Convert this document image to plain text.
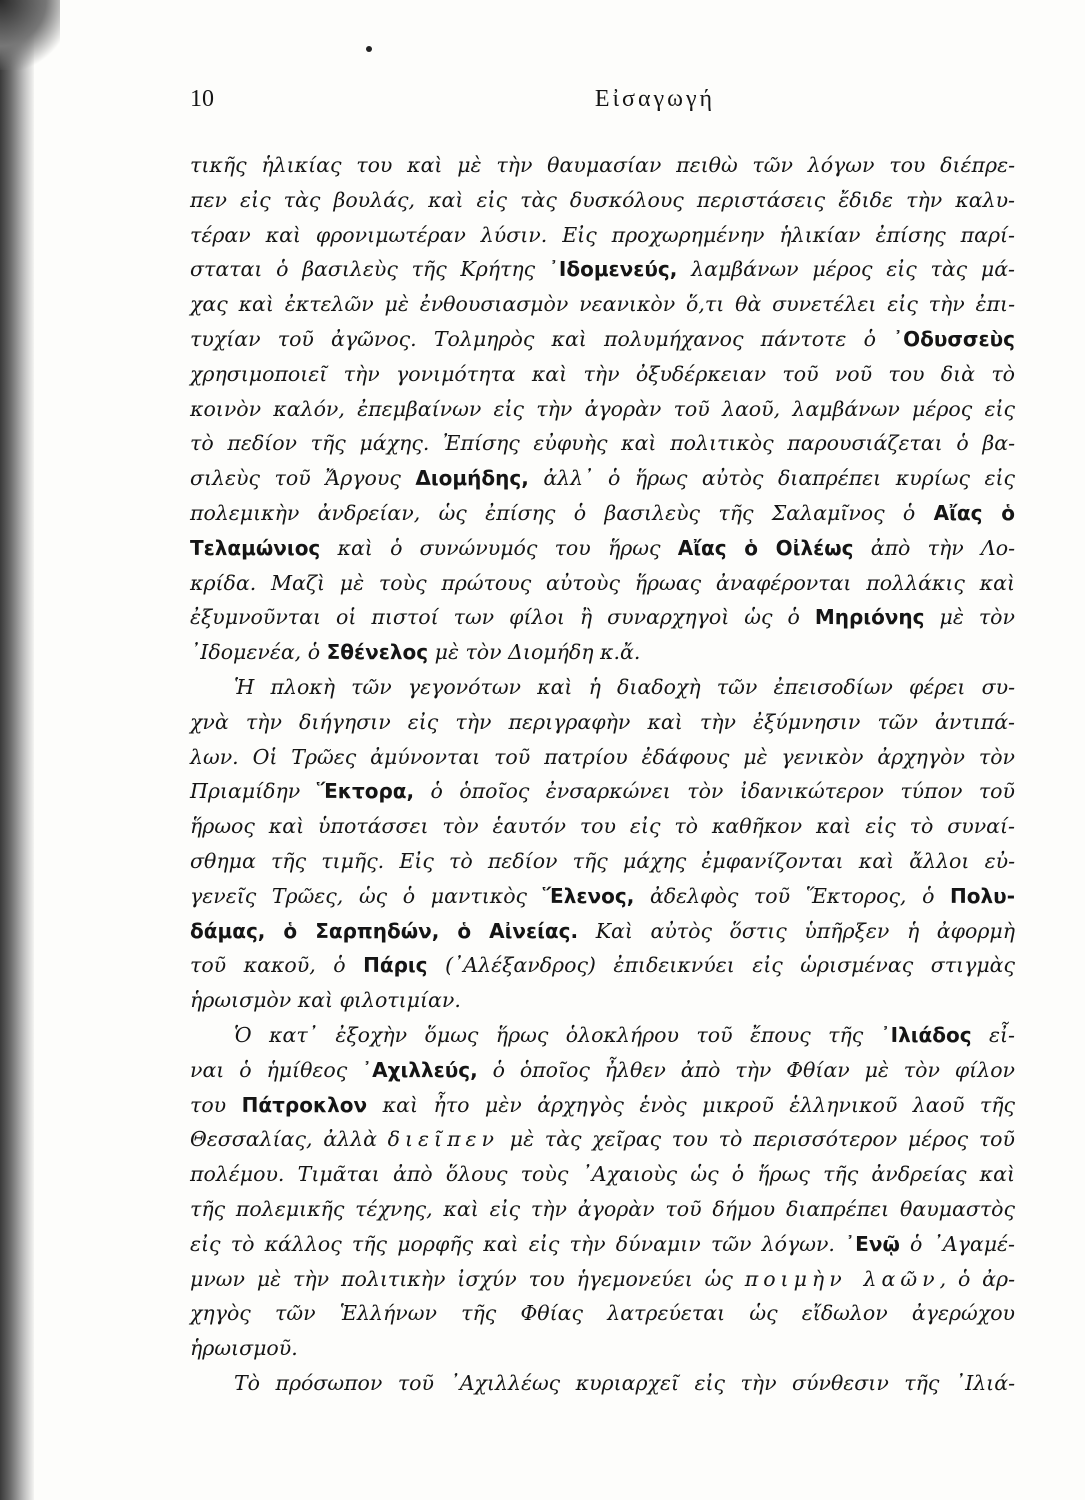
10	Εἰσαγωγή
τικῆς ἡλικίας του καὶ μὲ τὴν θαυμασίαν πειθὼ τῶν λόγων του διέπρε-
πεν εἰς τὰς βουλάς, καὶ εἰς τὰς δυσκόλους περιστάσεις ἔδιδε τὴν καλυ-
τέραν καὶ φρονιμωτέραν λύσιν. Εἰς προχωρημένην ἡλικίαν ἐπίσης παρί-
σταται ὁ βασιλεὺς τῆς Κρήτης ᾿Ιδομενεύς, λαμβάνων μέρος εἰς τὰς μά-
χας καὶ ἐκτελῶν μὲ ἐνθουσιασμὸν νεανικὸν ὅ,τι θὰ συνετέλει εἰς τὴν ἐπι-
τυχίαν τοῦ ἀγῶνος. Τολμηρὸς καὶ πολυμήχανος πάντοτε ὁ ᾿Οδυσσεὺς
χρησιμοποιεῖ τὴν γονιμότητα καὶ τὴν ὀξυδέρκειαν τοῦ νοῦ του διὰ τὸ
κοινὸν καλόν, ἐπεμβαίνων εἰς τὴν ἀγορὰν τοῦ λαοῦ, λαμβάνων μέρος εἰς
τὸ πεδίον τῆς μάχης. Ἐπίσης εὐφυὴς καὶ πολιτικὸς παρουσιάζεται ὁ βα-
σιλεὺς τοῦ Ἄργους Διομήδης, ἀλλ᾿ ὁ ἥρως αὐτὸς διαπρέπει κυρίως εἰς
πολεμικὴν ἀνδρείαν, ὡς ἐπίσης ὁ βασιλεὺς τῆς Σαλαμῖνος ὁ Αἴας ὁ
Τελαμώνιος καὶ ὁ συνώνυμός του ἥρως Αἴας ὁ Οἰλέως ἀπὸ τὴν Λο-
κρίδα. Μαζὶ μὲ τοὺς πρώτους αὐτοὺς ἥρωας ἀναφέρονται πολλάκις καὶ
ἐξυμνοῦνται οἱ πιστοί των φίλοι ἢ συναρχηγοὶ ὡς ὁ Μηριόνης μὲ τὸν
᾿Ιδομενέα, ὁ Σθένελος μὲ τὸν Διομήδη κ.ἄ.
Ἡ πλοκὴ τῶν γεγονότων καὶ ἡ διαδοχὴ τῶν ἐπεισοδίων φέρει συ-
χνὰ τὴν διήγησιν εἰς τὴν περιγραφὴν καὶ τὴν ἐξύμνησιν τῶν ἀντιπά-
λων. Οἱ Τρῶες ἀμύνονται τοῦ πατρίου ἐδάφους μὲ γενικὸν ἀρχηγὸν τὸν
Πριαμίδην Ἕκτορα, ὁ ὁποῖος ἐνσαρκώνει τὸν ἰδανικώτερον τύπον τοῦ
ἥρωος καὶ ὑποτάσσει τὸν ἑαυτόν του εἰς τὸ καθῆκον καὶ εἰς τὸ συναί-
σθημα τῆς τιμῆς. Εἰς τὸ πεδίον τῆς μάχης ἐμφανίζονται καὶ ἄλλοι εὐ-
γενεῖς Τρῶες, ὡς ὁ μαντικὸς Ἕλενος, ἀδελφὸς τοῦ Ἕκτορος, ὁ Πολυ-
δάμας, ὁ Σαρπηδών, ὁ Αἰνείας. Καὶ αὐτὸς ὅστις ὑπῆρξεν ἡ ἀφορμὴ
τοῦ κακοῦ, ὁ Πάρις (᾿Αλέξανδρος) ἐπιδεικνύει εἰς ὡρισμένας στιγμὰς
ἡρωισμὸν καὶ φιλοτιμίαν.
Ὁ κατ᾿ ἐξοχὴν ὅμως ἥρως ὁλοκλήρου τοῦ ἔπους τῆς ᾿Ιλιάδος εἶ-
ναι ὁ ἡμίθεος ᾿Αχιλλεύς, ὁ ὁποῖος ἦλθεν ἀπὸ τὴν Φθίαν μὲ τὸν φίλον
του Πάτροκλον καὶ ἦτο μὲν ἀρχηγὸς ἑνὸς μικροῦ ἑλληνικοῦ λαοῦ τῆς
Θεσσαλίας, ἀλλὰ διεῖπεν μὲ τὰς χεῖρας του τὸ περισσότερον μέρος τοῦ
πολέμου. Τιμᾶται ἀπὸ ὅλους τοὺς ᾿Αχαιοὺς ὡς ὁ ἥρως τῆς ἀνδρείας καὶ
τῆς πολεμικῆς τέχνης, καὶ εἰς τὴν ἀγορὰν τοῦ δήμου διαπρέπει θαυμαστὸς
εἰς τὸ κάλλος τῆς μορφῆς καὶ εἰς τὴν δύναμιν τῶν λόγων. ᾿Ενῷ ὁ ᾿Αγαμέ-
μνων μὲ τὴν πολιτικὴν ἰσχύν του ἡγεμονεύει ὡς ποιμὴν λαῶν, ὁ ἀρ-
χηγὸς τῶν Ἑλλήνων τῆς Φθίας λατρεύεται ὡς εἴδωλον ἀγερώχου
ἡρωισμοῦ.
Τὸ πρόσωπον τοῦ ᾿Αχιλλέως κυριαρχεῖ εἰς τὴν σύνθεσιν τῆς ᾿Ιλιά-
